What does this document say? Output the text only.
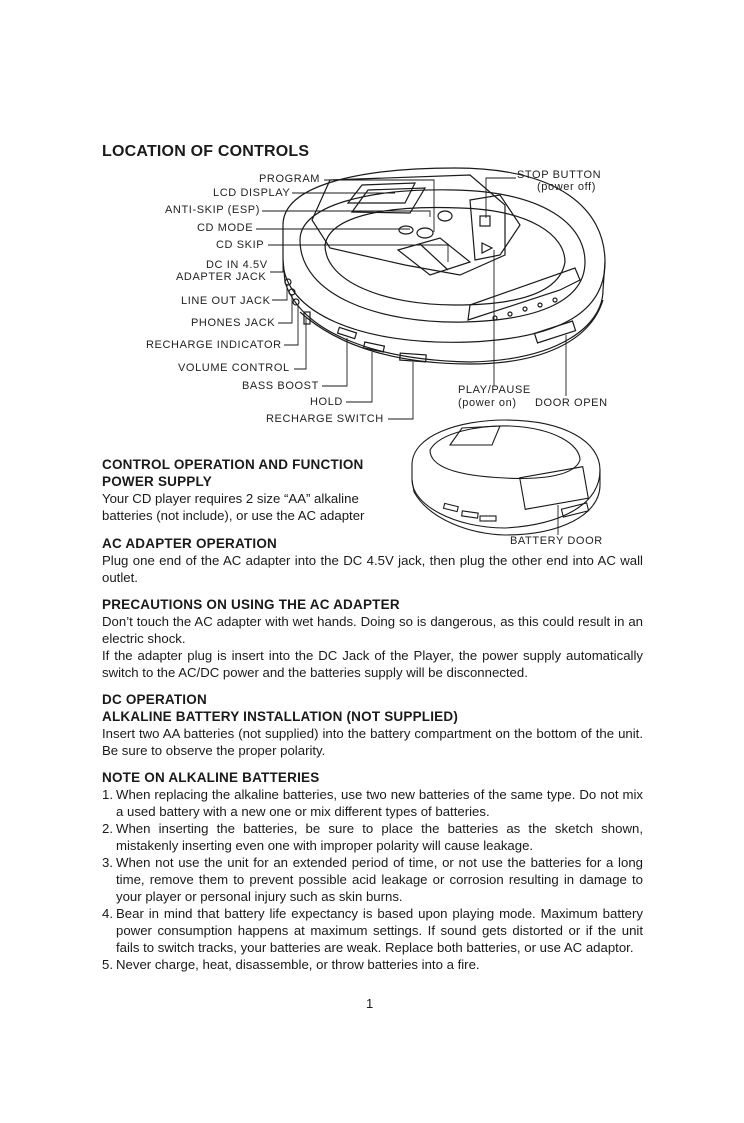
LOCATION OF CONTROLS
PROGRAM
LCD DISPLAY
ANTI-SKIP (ESP)
CD MODE
CD SKIP
DC IN 4.5V
ADAPTER JACK
LINE OUT JACK
PHONES JACK
RECHARGE INDICATOR
VOLUME CONTROL
BASS BOOST
HOLD
RECHARGE SWITCH
STOP BUTTON
(power off)
PLAY/PAUSE
(power on) DOOR OPEN
BATTERY DOOR
CONTROL OPERATION AND FUNCTION
POWER SUPPLY

Your CD player requires 2 size “AA” alkaline batteries (not include), or use the AC adapter

AC ADAPTER OPERATION

Plug one end of the AC adapter into the DC 4.5V jack, then plug the other end into AC wall outlet.

PRECAUTIONS ON USING THE AC ADAPTER

Don’t touch the AC adapter with wet hands. Doing so is dangerous, as this could result in an electric shock.

If the adapter plug is insert into the DC Jack of the Player, the power supply automatically switch to the AC/DC power and the batteries supply will be disconnected.

DC OPERATION
ALKALINE BATTERY INSTALLATION (NOT SUPPLIED)

Insert two AA batteries (not supplied) into the battery compartment on the bottom of the unit. Be sure to observe the proper polarity.

NOTE ON ALKALINE BATTERIES
1. When replacing the alkaline batteries, use two new batteries of the same type. Do not mix a used battery with a new one or mix different types of batteries.
2. When inserting the batteries, be sure to place the batteries as the sketch shown, mistakenly inserting even one with improper polarity will cause leakage.
3. When not use the unit for an extended period of time, or not use the batteries for a long time, remove them to prevent possible acid leakage or corrosion resulting in damage to your player or personal injury such as skin burns.
4. Bear in mind that battery life expectancy is based upon playing mode. Maximum battery power consumption happens at maximum settings. If sound gets distorted or if the unit fails to switch tracks, your batteries are weak. Replace both batteries, or use AC adaptor.
5. Never charge, heat, disassemble, or throw batteries into a fire.
1
